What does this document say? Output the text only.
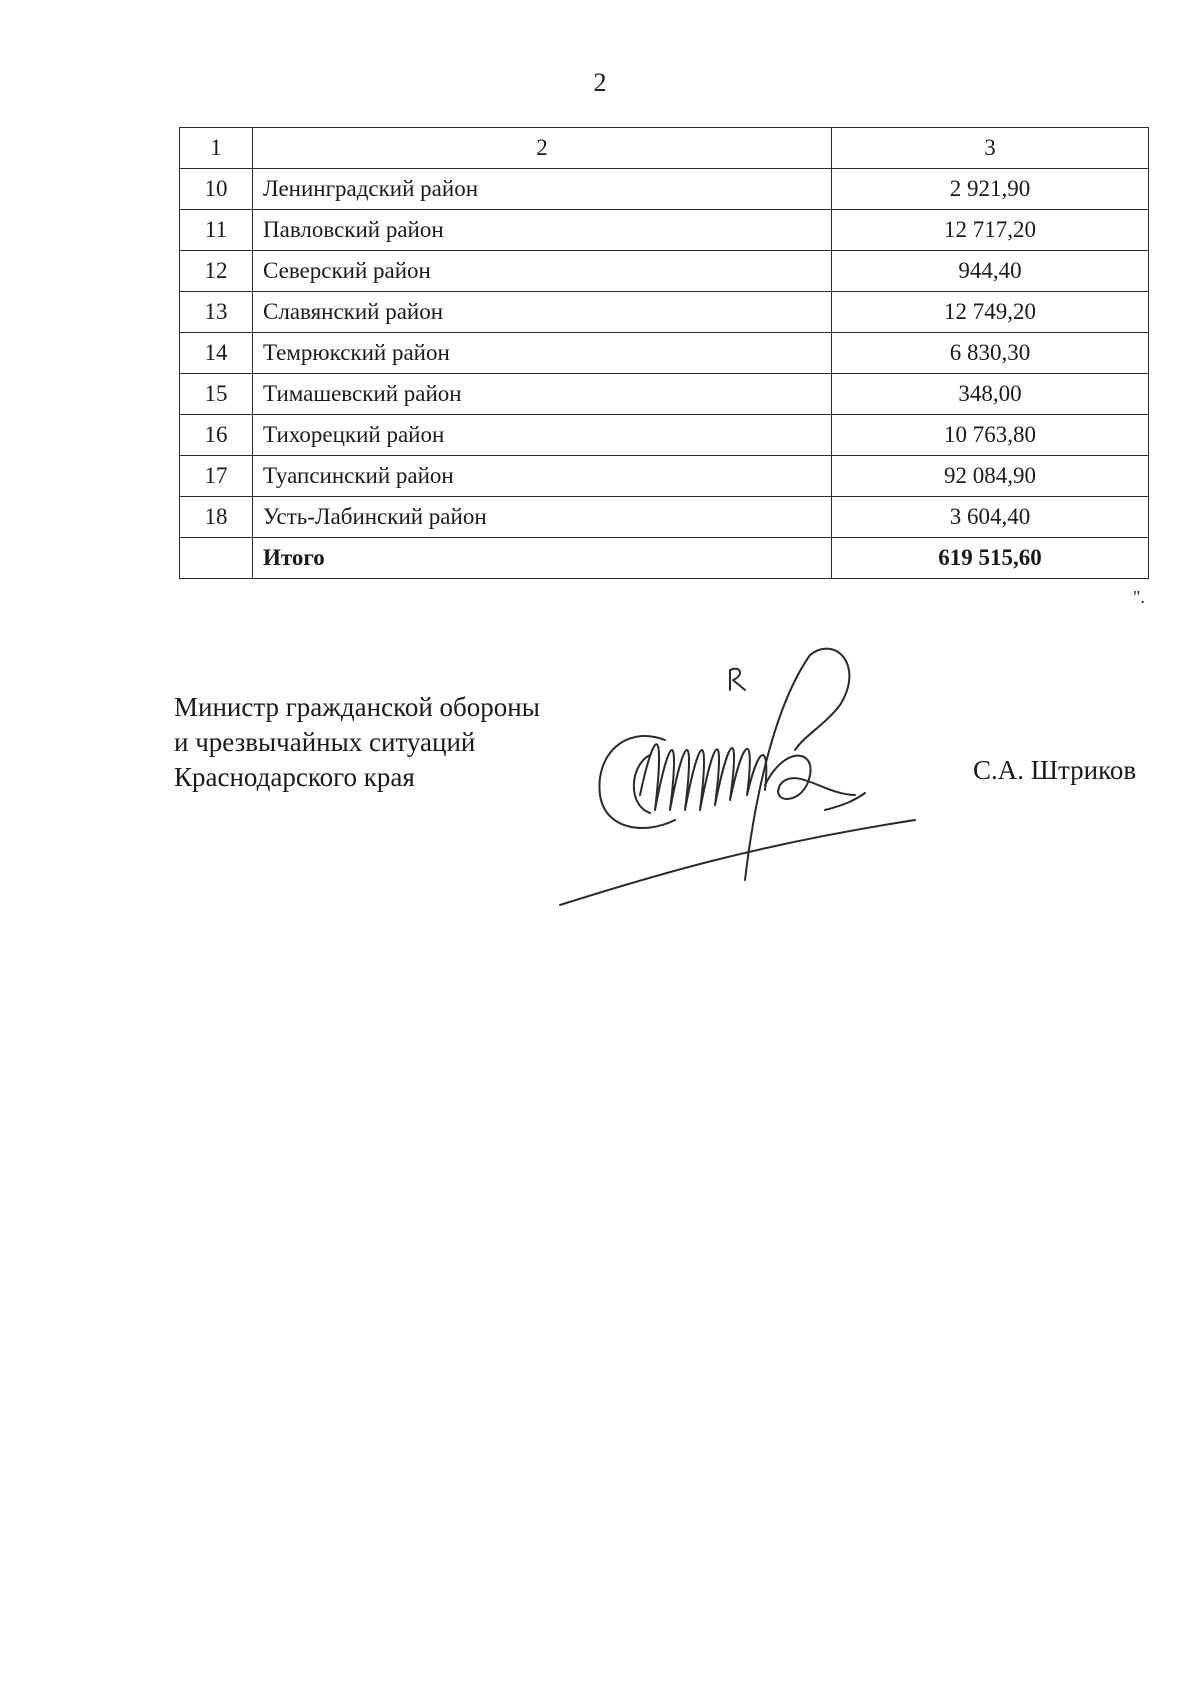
2
1	2	3
10	Ленинградский район	2 921,90
11	Павловский район	12 717,20
12	Северский район	944,40
13	Славянский район	12 749,20
14	Темрюкский район	6 830,30
15	Тимашевский район	348,00
16	Тихорецкий район	10 763,80
17	Туапсинский район	92 084,90
18	Усть-Лабинский район	3 604,40
	Итого	619 515,60
".
Министр гражданской обороны
и чрезвычайных ситуаций
Краснодарского края	С.А. Штриков
